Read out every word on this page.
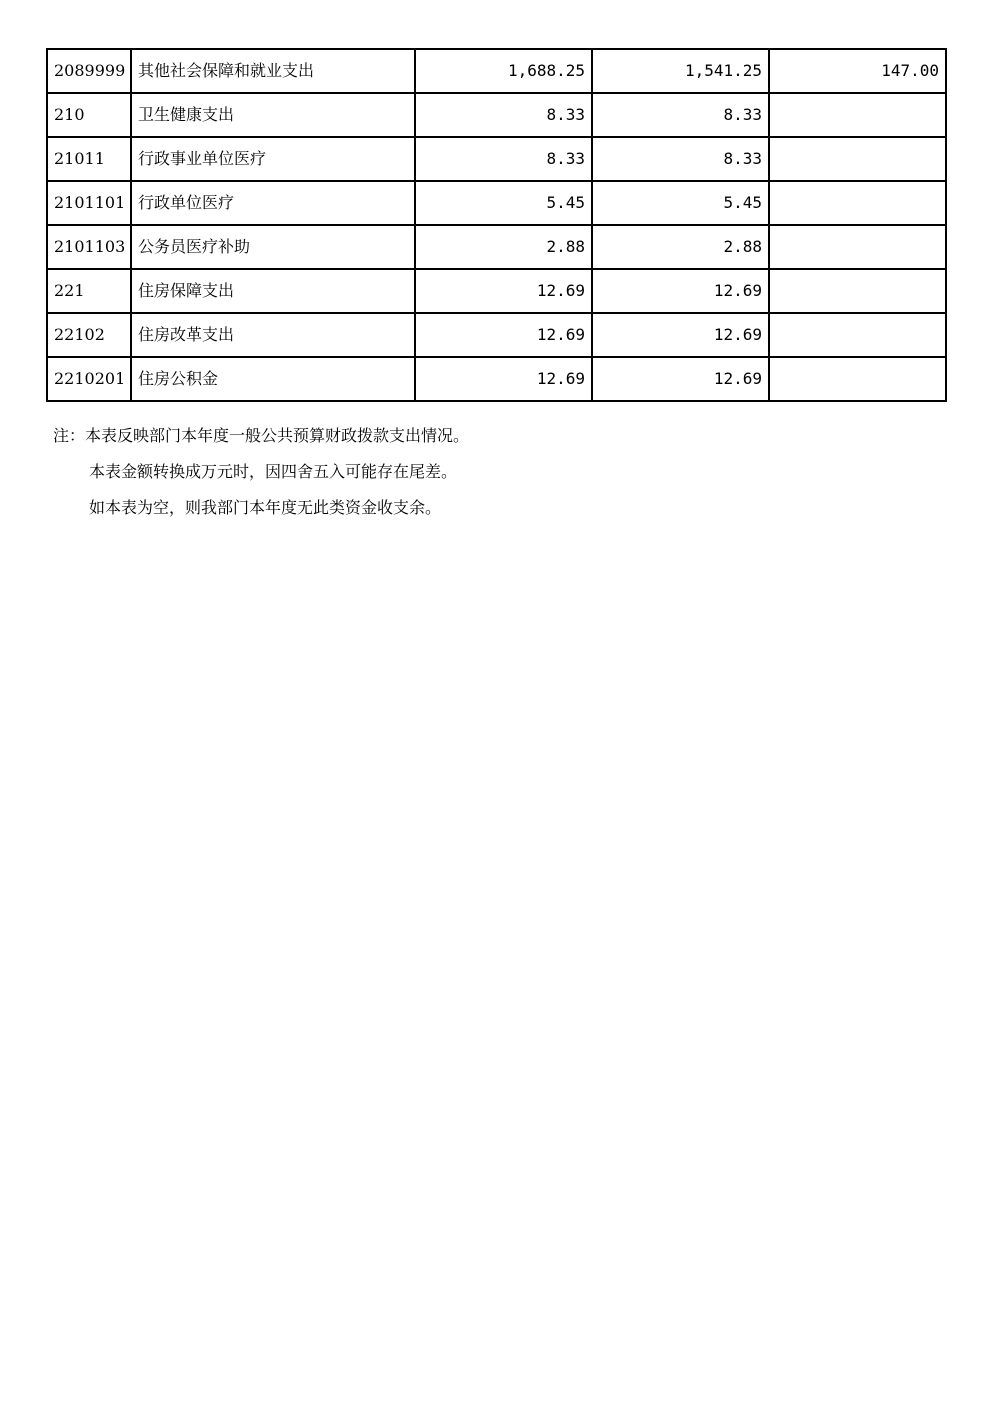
2089999	其他社会保障和就业支出	1,688.25	1,541.25	147.00
210	卫生健康支出	8.33	8.33	
21011	行政事业单位医疗	8.33	8.33	
2101101	行政单位医疗	5.45	5.45	
2101103	公务员医疗补助	2.88	2.88	
221	住房保障支出	12.69	12.69	
22102	住房改革支出	12.69	12.69	
2210201	住房公积金	12.69	12.69	
注：本表反映部门本年度一般公共预算财政拨款支出情况。
本表金额转换成万元时，因四舍五入可能存在尾差。
如本表为空，则我部门本年度无此类资金收支余。
